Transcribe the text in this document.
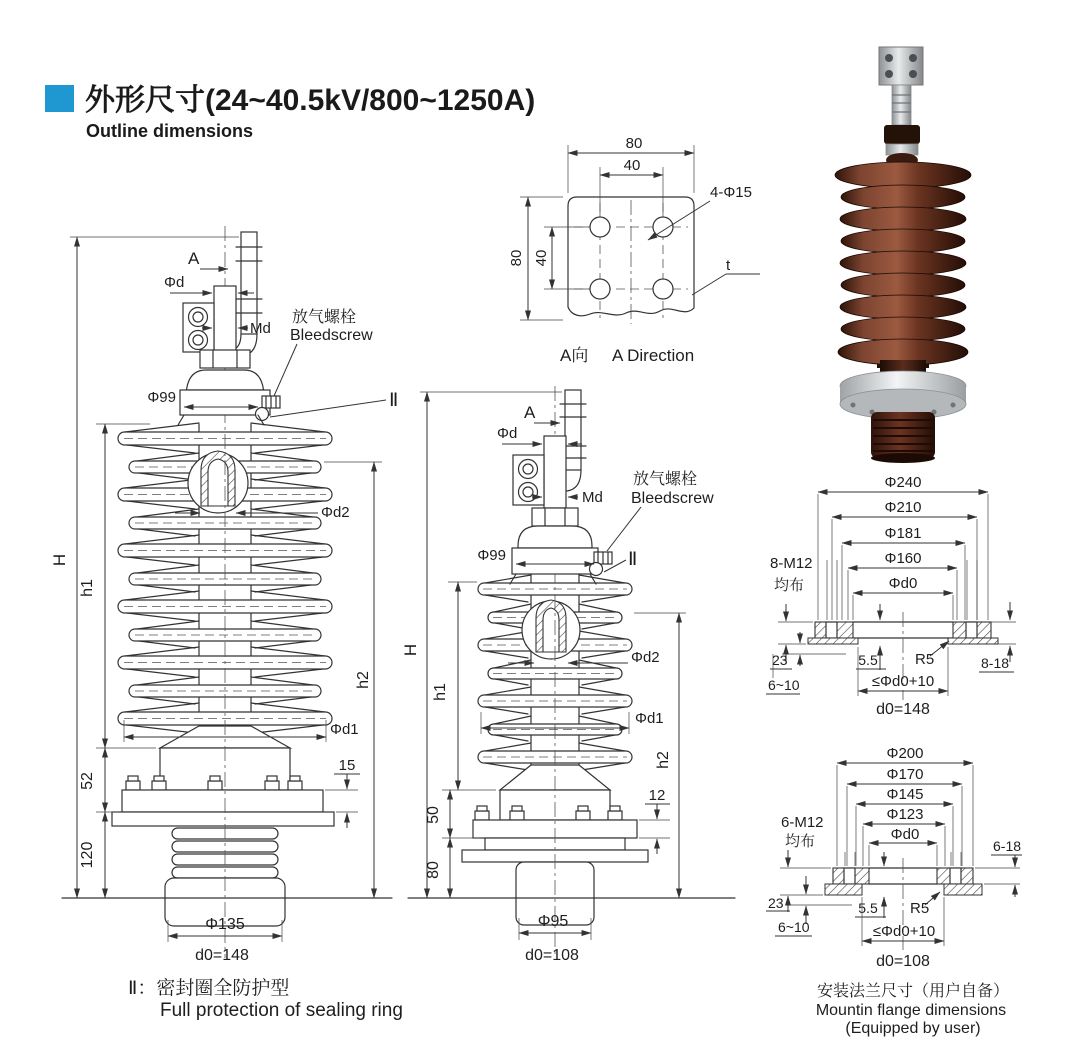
外形尺寸(24~40.5kV/800~1250A)
Outline dimensions
80
40
80 40
4-Φ15
t
A向 A Direction
A
Φd
Md
放气螺栓
Bleedscrew
Φ99	Ⅱ
H
h1
52
120
h2
Φd2
Φd1
15
Φ135
d0=148
A
Φd
Md
放气螺栓
Bleedscrew
Φ99	Ⅱ
H
h1
50
80
h2
Φd2
Φd1
12
Φ95
d0=108
Φ240
Φ210
Φ181
Φ160
Φd0
8-M12
均布
23
6~10
5.5 R5	8-18
≤Φd0+10
d0=148
Φ200
Φ170
Φ145
Φ123
Φd0
6-M12
均布
23
6~10
5.5 R5
6-18
≤Φd0+10
d0=108
Ⅱ：密封圈全防护型
Full protection of sealing ring
安装法兰尺寸（用户自备）
Mountin flange dimensions
(Equipped by user)
